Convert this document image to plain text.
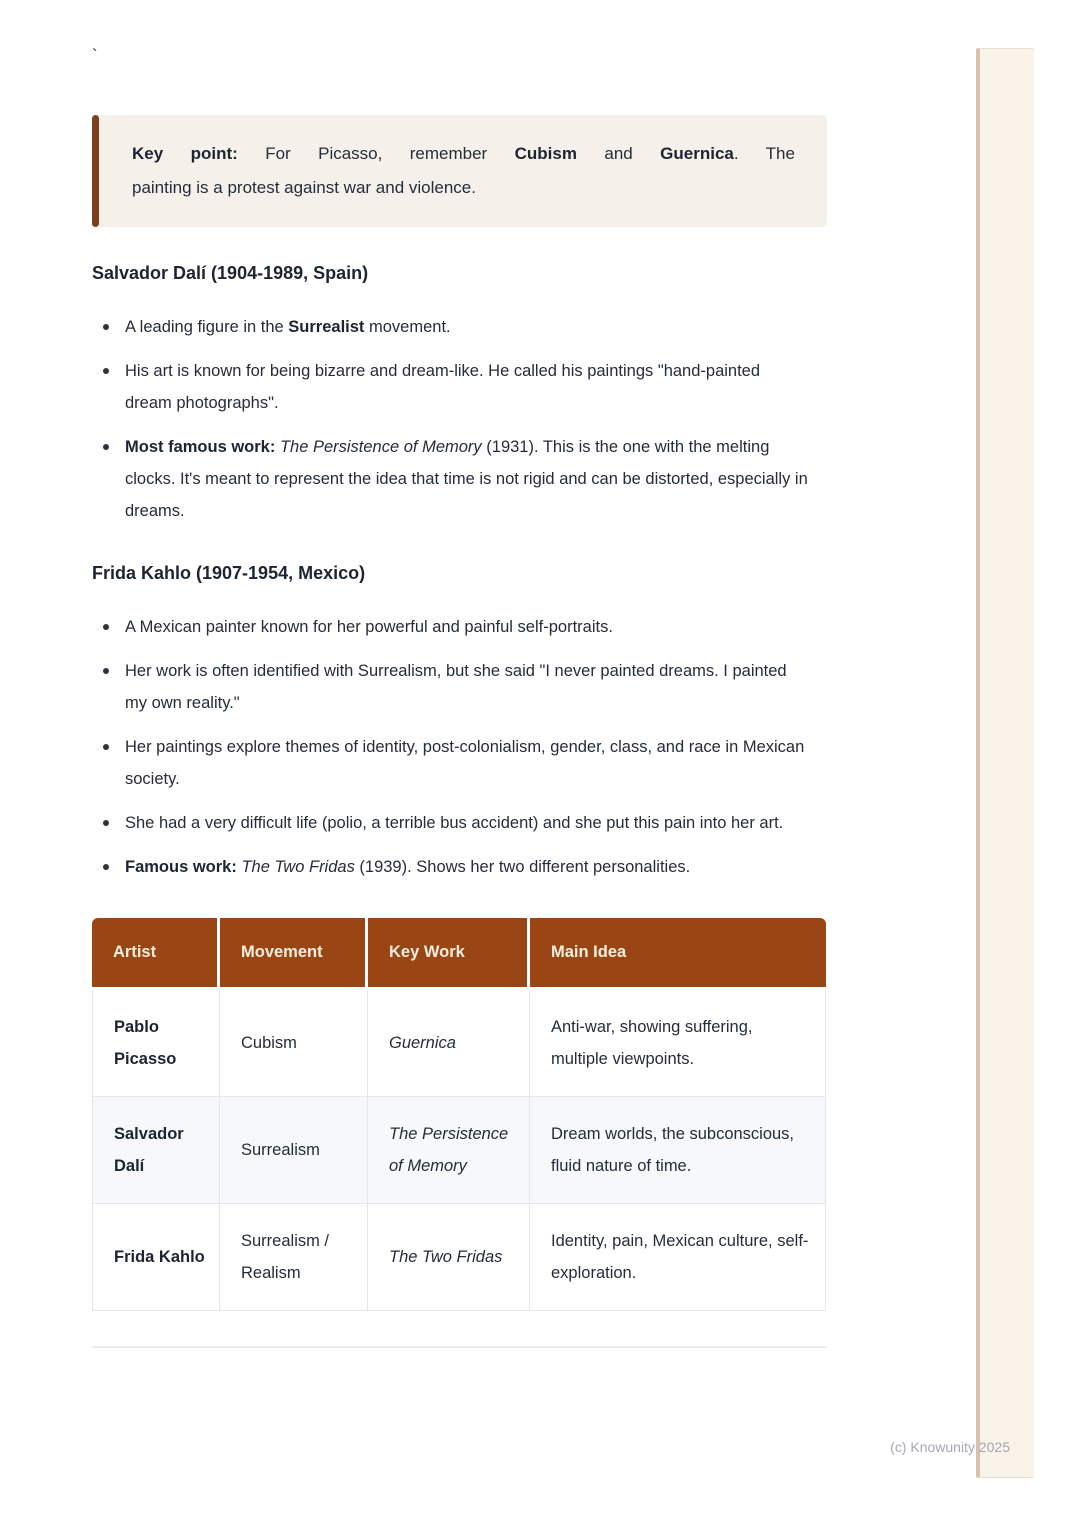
`

Key point: For Picasso, remember Cubism and Guernica. The

painting is a protest against war and violence.

Salvador Dalí (1904-1989, Spain)
A leading figure in the Surrealist movement.
His art is known for being bizarre and dream-like. He called his paintings "hand-painted dream photographs".
Most famous work: The Persistence of Memory (1931). This is the one with the melting clocks. It's meant to represent the idea that time is not rigid and can be distorted, especially in dreams.
Frida Kahlo (1907-1954, Mexico)
A Mexican painter known for her powerful and painful self-portraits.
Her work is often identified with Surrealism, but she said "I never painted dreams. I painted my own reality."
Her paintings explore themes of identity, post-colonialism, gender, class, and race in Mexican society.
She had a very difficult life (polio, a terrible bus accident) and she put this pain into her art.
Famous work: The Two Fridas (1939). Shows her two different personalities.
Artist	Movement	Key Work	Main Idea
Pablo Picasso	Cubism	Guernica	Anti-war, showing suffering, multiple viewpoints.
Salvador Dalí	Surrealism	The Persistence of Memory	Dream worlds, the subconscious, fluid nature of time.
Frida Kahlo	Surrealism / Realism	The Two Fridas	Identity, pain, Mexican culture, self-exploration.
(c) Knowunity 2025
